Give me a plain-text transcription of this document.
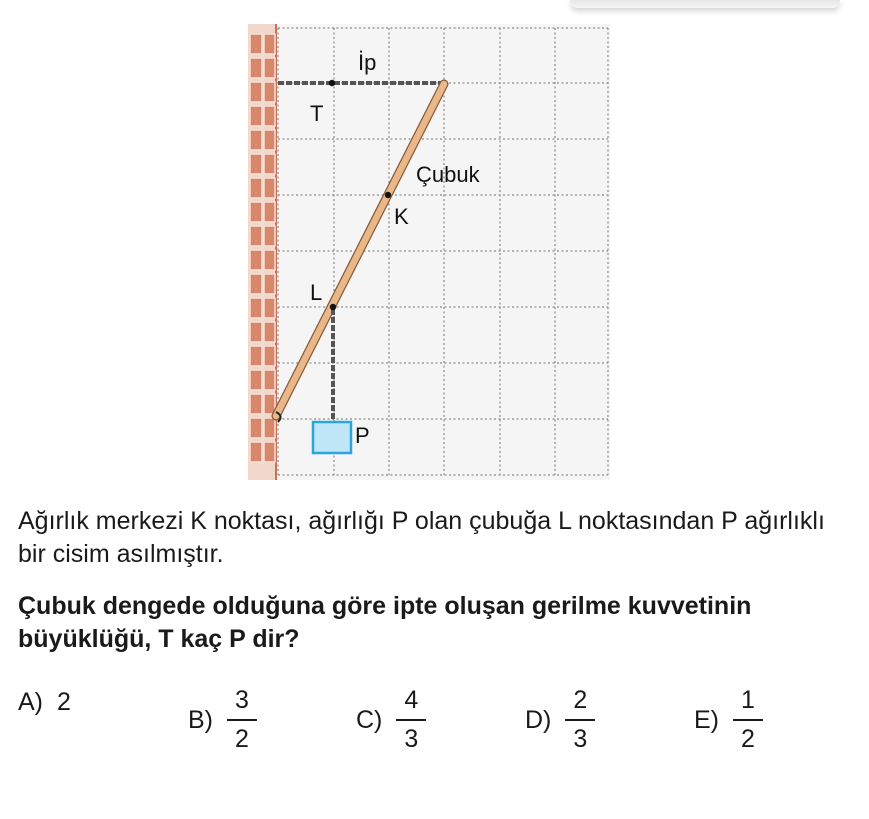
İp
T
Çubuk
K
L
P

Ağırlık merkezi K noktası, ağırlığı P olan çubuğa L noktasından P ağırlıklı bir cisim asılmıştır.

Çubuk dengede olduğuna göre ipte oluşan gerilme kuvvetinin büyüklüğü, T kaç P dir?

A) 2
$B) \frac{3}{2}$	$C) \frac{4}{3}$	$D) \frac{2}{3}$	$E) \frac{1}{2}$
